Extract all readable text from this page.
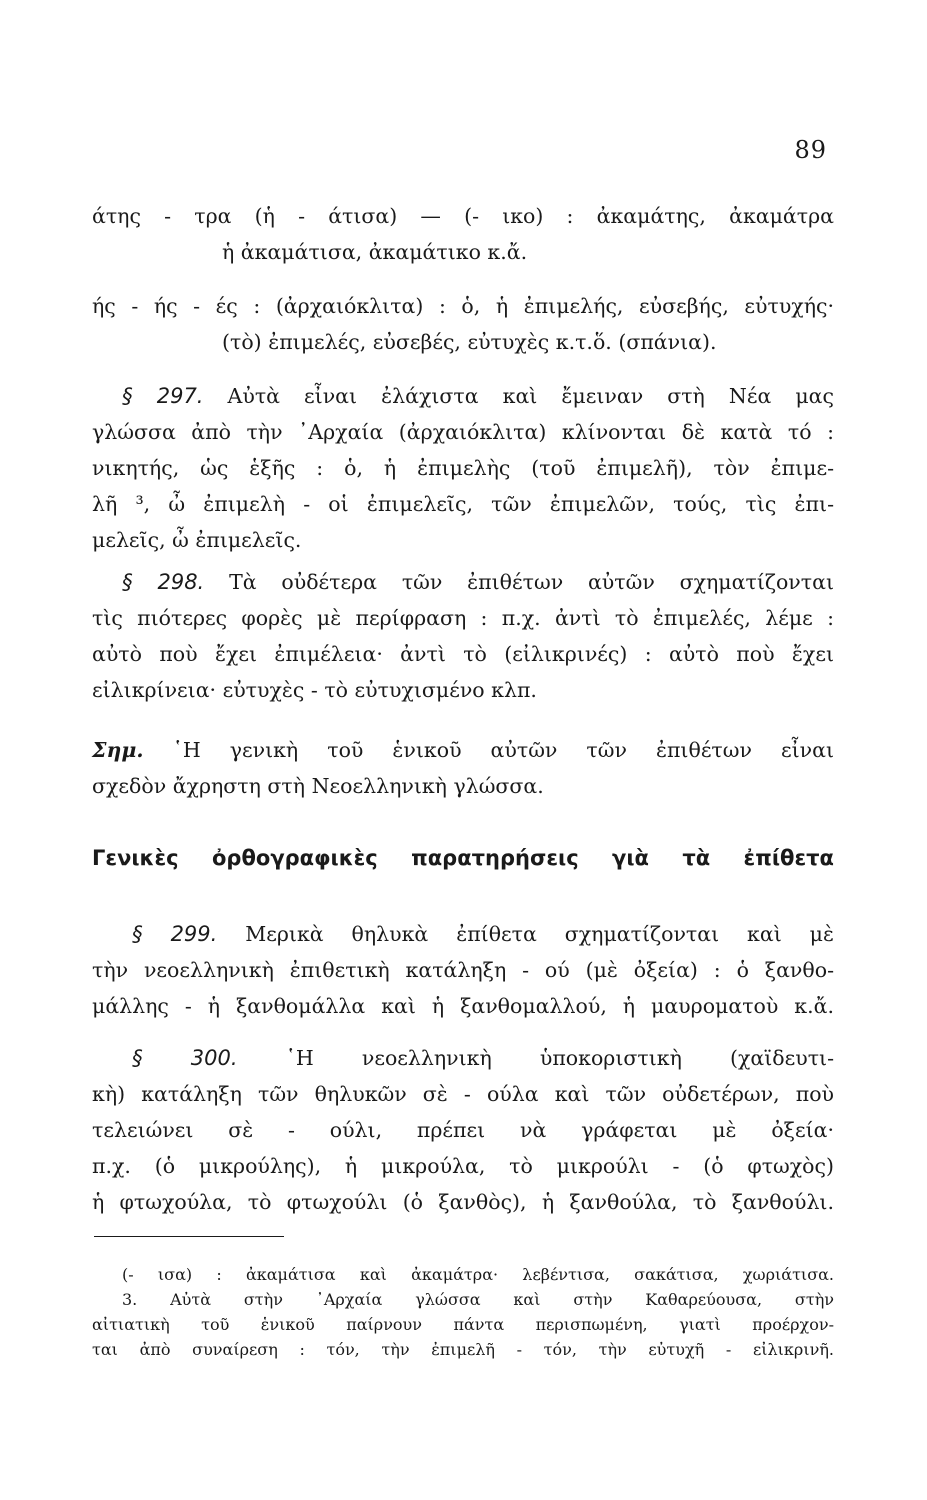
89
άτης - τρα (ἡ - άτισα) — (- ικο) : ἀκαμάτης, ἀκαμάτρα
ἡ ἀκαμάτισα, ἀκαμάτικο κ.ἄ.
ής - ής - ές : (ἀρχαιόκλιτα) : ὁ, ἡ ἐπιμελής, εὐσεβής, εὐτυχής·
(τὸ) ἐπιμελές, εὐσεβές, εὐτυχὲς κ.τ.ὅ. (σπάνια).
§ 297. Αὐτὰ εἶναι ἐλάχιστα καὶ ἔμειναν στὴ Νέα μας
γλώσσα ἀπὸ τὴν ᾿Αρχαία (ἀρχαιόκλιτα) κλίνονται δὲ κατὰ τό :
νικητής, ὡς ἑξῆς : ὁ, ἡ ἐπιμελὴς (τοῦ ἐπιμελῆ), τὸν ἐπιμε-
λῆ ³, ὦ ἐπιμελὴ - οἱ ἐπιμελεῖς, τῶν ἐπιμελῶν, τούς, τὶς ἐπι-
μελεῖς, ὦ ἐπιμελεῖς.
§ 298. Τὰ οὐδέτερα τῶν ἐπιθέτων αὐτῶν σχηματίζονται
τὶς πιότερες φορὲς μὲ περίφραση : π.χ. ἀντὶ τὸ ἐπιμελές, λέμε :
αὐτὸ ποὺ ἔχει ἐπιμέλεια· ἀντὶ τὸ (εἰλικρινές) : αὐτὸ ποὺ ἔχει
εἰλικρίνεια· εὐτυχὲς - τὸ εὐτυχισμένο κλπ.
Σημ. ῾Η γενικὴ τοῦ ἑνικοῦ αὐτῶν τῶν ἐπιθέτων εἶναι
σχεδὸν ἄχρηστη στὴ Νεοελληνικὴ γλώσσα.
Γενικὲς ὀρθογραφικὲς παρατηρήσεις γιὰ τὰ ἐπίθετα
§ 299. Μερικὰ θηλυκὰ ἐπίθετα σχηματίζονται καὶ μὲ
τὴν νεοελληνικὴ ἐπιθετικὴ κατάληξη - ού (μὲ ὀξεία) : ὁ ξανθο-
μάλλης - ἡ ξανθομάλλα καὶ ἡ ξανθομαλλού, ἡ μαυροματοὺ κ.ἄ.
§ 300. ῾Η νεοελληνικὴ ὑποκοριστικὴ (χαϊδευτι-
κὴ) κατάληξη τῶν θηλυκῶν σὲ - ούλα καὶ τῶν οὐδετέρων, ποὺ
τελειώνει σὲ - ούλι, πρέπει νὰ γράφεται μὲ ὀξεία·
π.χ. (ὁ μικρούλης), ἡ μικρούλα, τὸ μικρούλι - (ὁ φτωχὸς)
ἡ φτωχούλα, τὸ φτωχούλι (ὁ ξανθὸς), ἡ ξανθούλα, τὸ ξανθούλι.
(- ισα) : ἀκαμάτισα καὶ ἀκαμάτρα· λεβέντισα, σακάτισα, χωριάτισα.
3. Αὐτὰ στὴν ᾿Αρχαία γλώσσα καὶ στὴν Καθαρεύουσα, στὴν
αἰτιατικὴ τοῦ ἑνικοῦ παίρνουν πάντα περισπωμένη, γιατὶ προέρχον-
ται ἀπὸ συναίρεση : τόν, τὴν ἐπιμελῆ - τόν, τὴν εὐτυχῆ - εἰλικρινῆ.
